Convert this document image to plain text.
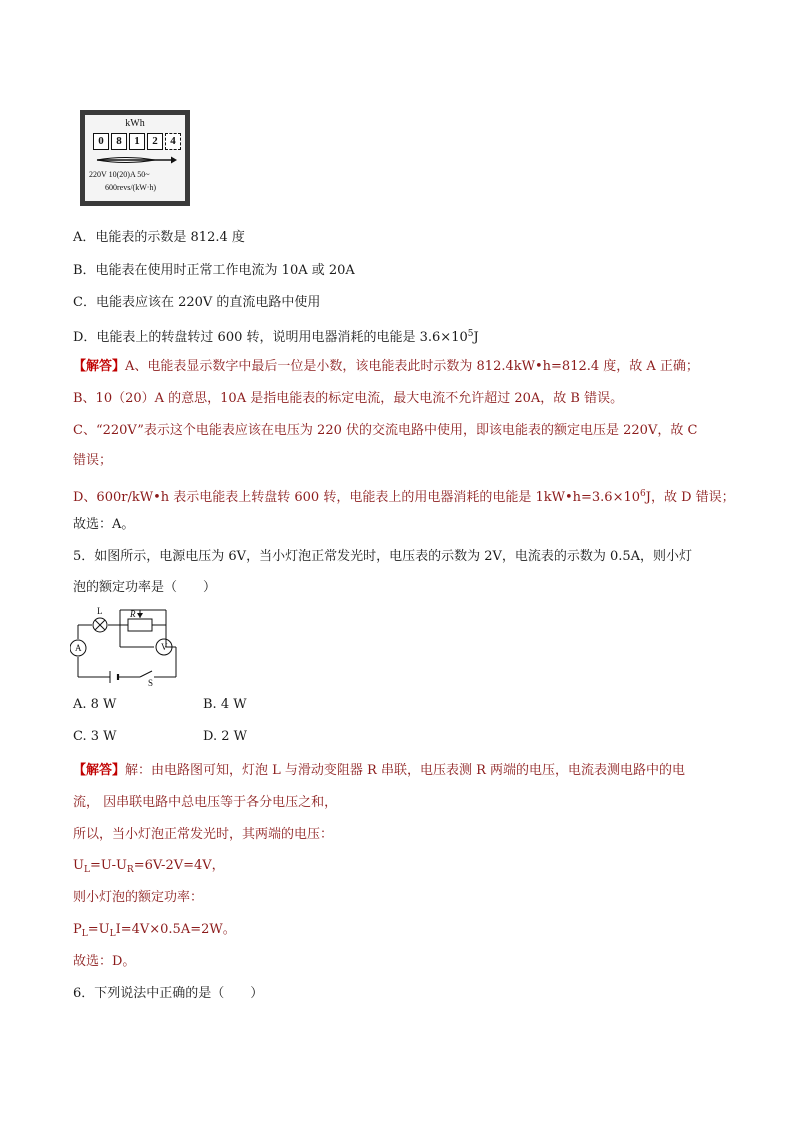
kWh
0	8	1	2	4
220V 10(20)A 50~
600revs/(kW·h)
A．电能表的示数是 812.4 度
B．电能表在使用时正常工作电流为 10A 或 20A
C．电能表应该在 220V 的直流电路中使用
D．电能表上的转盘转过 600 转，说明用电器消耗的电能是 $3.6\times 10^5J$
【解答】A、电能表显示数字中最后一位是小数，该电能表此时示数为 812.4kW•h=812.4 度，故 A 正确；
B、10（20）A 的意思，10A 是指电能表的标定电流，最大电流不允许超过 20A，故 B 错误。
C、“220V”表示这个电能表应该在电压为 220 伏的交流电路中使用，即该电能表的额定电压是 220V，故 C
错误；
D、600r/kW•h 表示电能表上转盘转 600 转，电能表上的用电器消耗的电能是 $1kW•h=3.6\times 10^6J$，故 D 错误；
故选：A。
5．如图所示，电源电压为 6V，当小灯泡正常发光时，电压表的示数为 2V，电流表的示数为 0.5A，则小灯
泡的额定功率是（　　）
L	R
A	V
S
A. 8 W	B. 4 W
C. 3 W	D. 2 W
【解答】解：由电路图可知，灯泡 L 与滑动变阻器 R 串联，电压表测 R 两端的电压，电流表测电路中的电
流， 因串联电路中总电压等于各分电压之和，
所以，当小灯泡正常发光时，其两端的电压：
$U_L=U-U_R=6V-2V=4V$，
则小灯泡的额定功率：
$P_L=U_LI=4V\times 0.5A=2W$。
故选：D。
6．下列说法中正确的是（　　）
